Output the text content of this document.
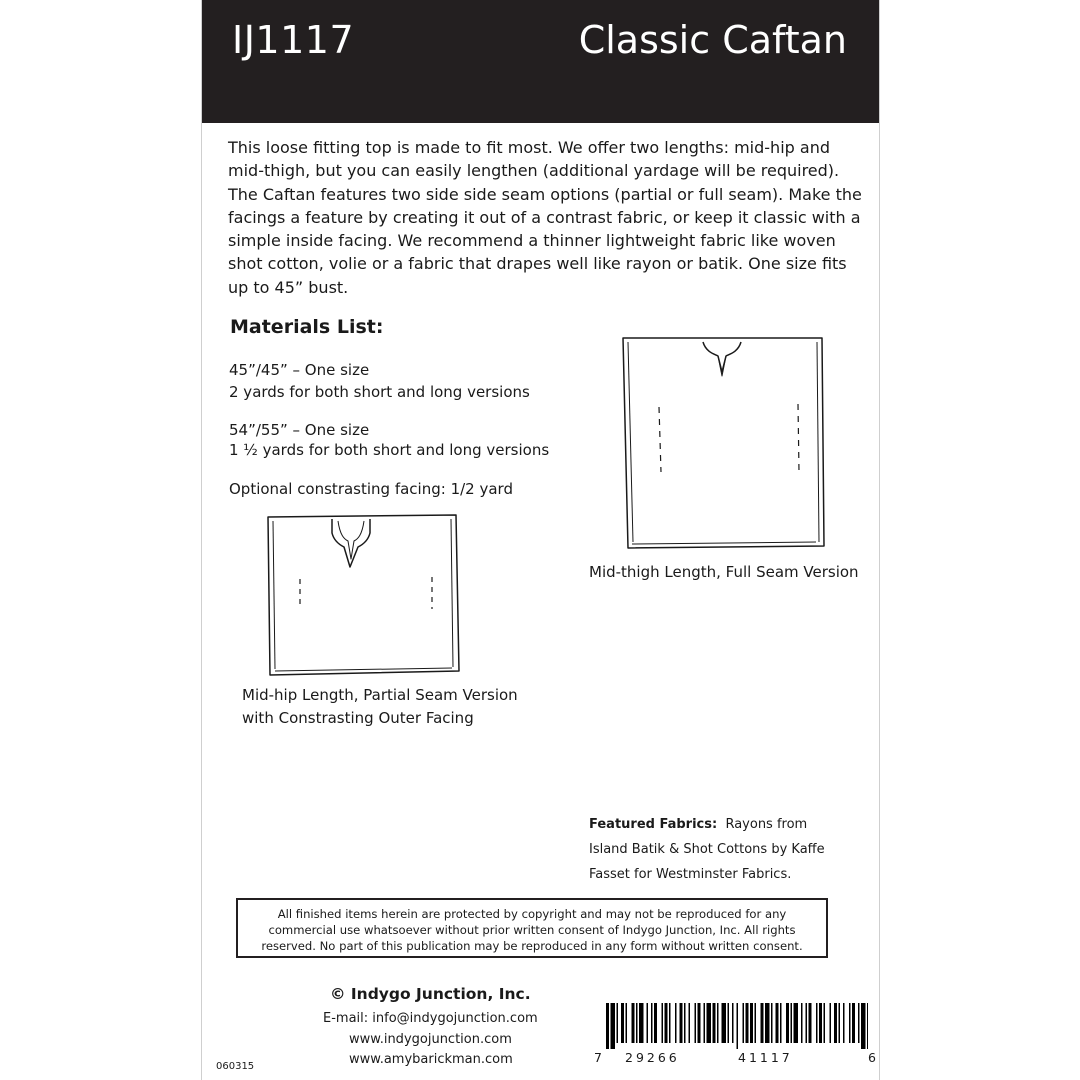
IJ1117	Classic Caftan

This loose fitting top is made to fit most. We offer two lengths: mid-hip and mid-thigh, but you can easily lengthen (additional yardage will be required). The Caftan features two side side seam options (partial or full seam). Make the facings a feature by creating it out of a contrast fabric, or keep it classic with a simple inside facing. We recommend a thinner lightweight fabric like woven shot cotton, volie or a fabric that drapes well like rayon or batik. One size fits up to 45” bust.

Materials List:

45”/45” – One size

2 yards for both short and long versions

54”/55” – One size

1 ½ yards for both short and long versions

Optional constrasting facing: 1/2 yard

Mid-thigh Length, Full Seam Version

Mid-hip Length, Partial Seam Version

with Constrasting Outer Facing

Featured Fabrics: Rayons from
Island Batik & Shot Cottons by Kaffe
Fasset for Westminster Fabrics.

All finished items herein are protected by copyright and may not be reproduced for any commercial use whatsoever without prior written consent of Indygo Junction, Inc. All rights reserved. No part of this publication may be reproduced in any form without written consent.

© Indygo Junction, Inc.

E-mail: info@indygojunction.com

www.indygojunction.com

www.amybarickman.com

060315

7 29266	41117	6
